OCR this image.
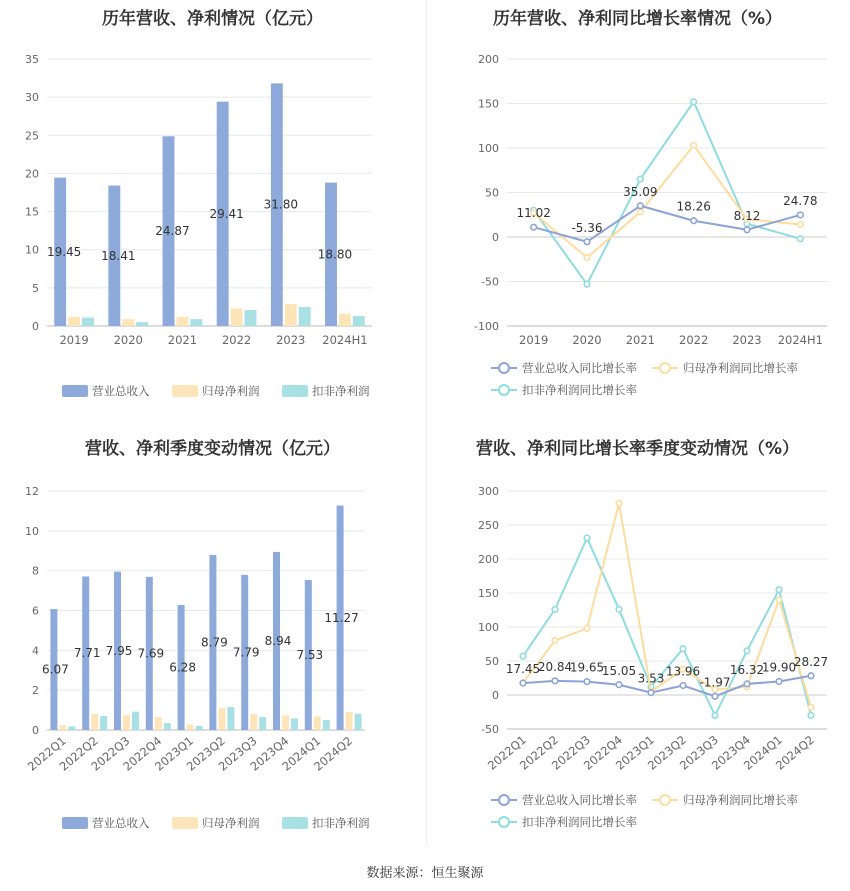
历年营收、净利情况（亿元）
0
5
10
15
20
25
30
35
19.45 18.41
24.87
29.41
31.80
18.80
2019 2020 2021 2022 2023 2024H1
营业总收入	归母净利润	扣非净利润
历年营收、净利同比增长率情况（%）
-100
-50
0
50
100
150
200
11.02
-5.36
35.09
18.26
8.12
24.78
2019 2020 2021 2022 2023 2024H1
营业总收入同比增长率	归母净利润同比增长率
扣非净利润同比增长率
营收、净利季度变动情况（亿元）
0
2
4
6
8
10
12
6.07
7.71 7.95 7.69
6.28
8.79
7.79
8.94
7.53
11.27
2022Q1
2022Q2
2022Q3
2022Q4
2023Q1
2023Q2
2023Q3
2023Q4
2024Q1
2024Q2
营业总收入	归母净利润	扣非净利润
营收、净利同比增长率季度变动情况（%）
-50
0
50
100
150
200
250
300
17.45
20.84
19.65
15.05
3.53
13.96
-1.97
16.32
19.90
28.27
2022Q1
2022Q2
2022Q3
2022Q4
2023Q1
2023Q2
2023Q3
2023Q4
2024Q1
2024Q2
营业总收入同比增长率	归母净利润同比增长率
扣非净利润同比增长率
数据来源：恒生聚源
